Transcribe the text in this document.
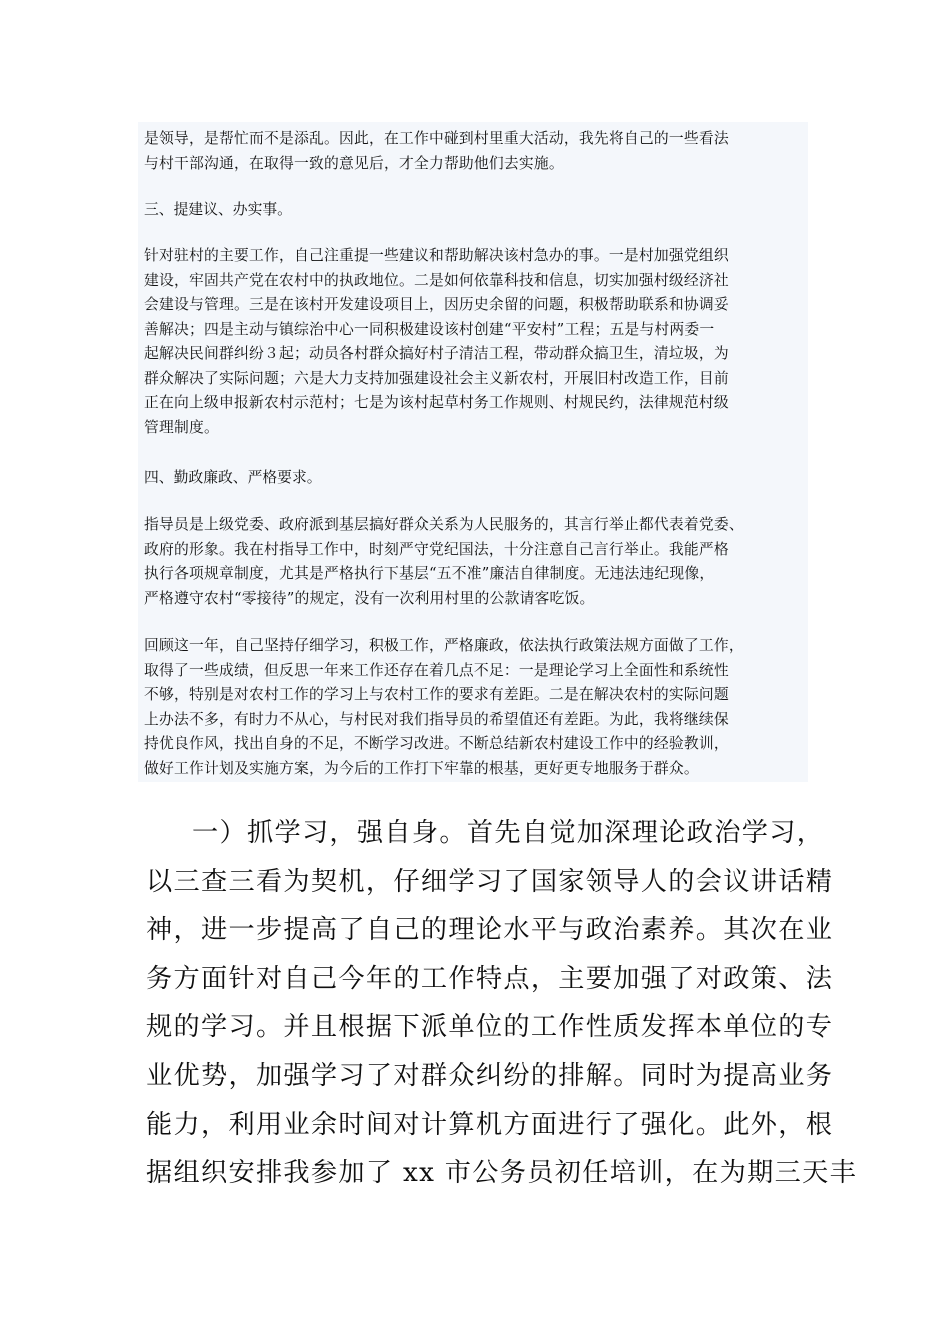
是领导，是帮忙而不是添乱。因此，在工作中碰到村里重大活动，我先将自己的一些看法
与村干部沟通，在取得一致的意见后，才全力帮助他们去实施。

三、提建议、办实事。

针对驻村的主要工作，自己注重提一些建议和帮助解决该村急办的事。一是村加强党组织
建设，牢固共产党在农村中的执政地位。二是如何依靠科技和信息，切实加强村级经济社
会建设与管理。三是在该村开发建设项目上，因历史余留的问题，积极帮助联系和协调妥
善解决；四是主动与镇综治中心一同积极建设该村创建“平安村”工程；五是与村两委一
起解决民间群纠纷３起；动员各村群众搞好村子清洁工程，带动群众搞卫生，清垃圾，为
群众解决了实际问题；六是大力支持加强建设社会主义新农村，开展旧村改造工作，目前
正在向上级申报新农村示范村；七是为该村起草村务工作规则、村规民约，法律规范村级
管理制度。

四、勤政廉政、严格要求。

指导员是上级党委、政府派到基层搞好群众关系为人民服务的，其言行举止都代表着党委、
政府的形象。我在村指导工作中，时刻严守党纪国法，十分注意自己言行举止。我能严格
执行各项规章制度，尤其是严格执行下基层“五不准”廉洁自律制度。无违法违纪现像，
严格遵守农村“零接待”的规定，没有一次利用村里的公款请客吃饭。

回顾这一年，自己坚持仔细学习，积极工作，严格廉政，依法执行政策法规方面做了工作，
取得了一些成绩，但反思一年来工作还存在着几点不足：一是理论学习上全面性和系统性
不够，特别是对农村工作的学习上与农村工作的要求有差距。二是在解决农村的实际问题
上办法不多，有时力不从心，与村民对我们指导员的希望值还有差距。为此，我将继续保
持优良作风，找出自身的不足，不断学习改进。不断总结新农村建设工作中的经验教训，
做好工作计划及实施方案，为今后的工作打下牢靠的根基，更好更专地服务于群众。

一）抓学习，强自身。首先自觉加深理论政治学习，
以三查三看为契机，仔细学习了国家领导人的会议讲话精
神，进一步提高了自己的理论水平与政治素养。其次在业
务方面针对自己今年的工作特点，主要加强了对政策、法
规的学习。并且根据下派单位的工作性质发挥本单位的专
业优势，加强学习了对群众纠纷的排解。同时为提高业务
能力，利用业余时间对计算机方面进行了强化。此外，根
据组织安排我参加了 xx 市公务员初任培训，在为期三天丰
